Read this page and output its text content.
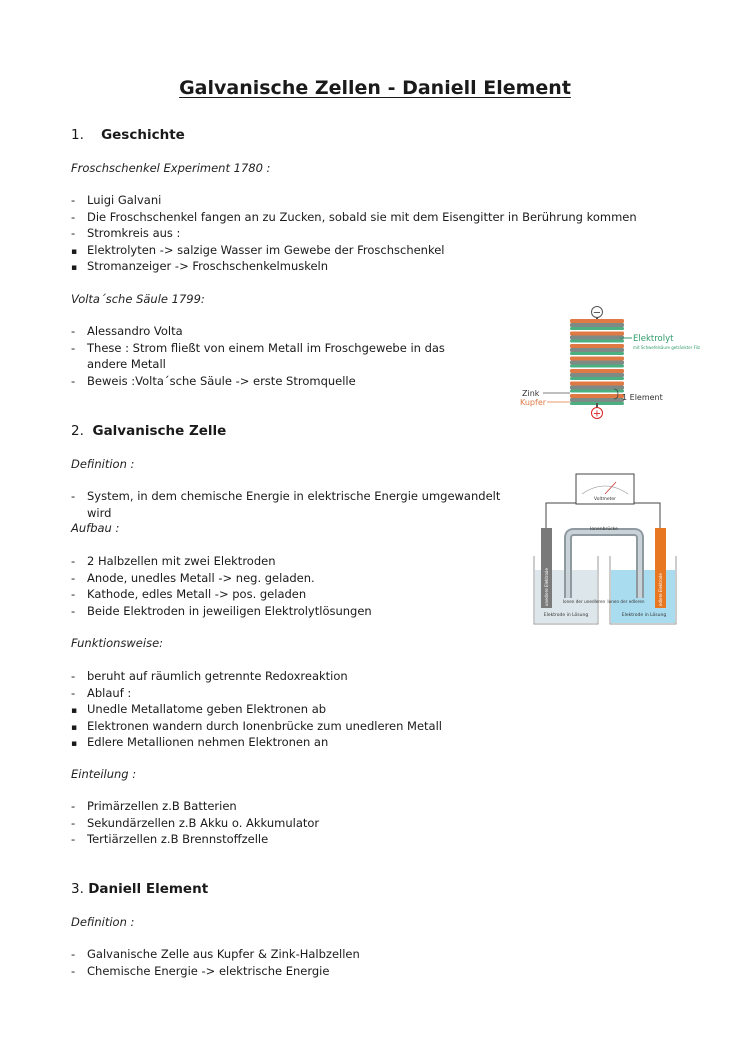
Galvanische Zellen - Daniell Element
1. Geschichte
Froschschenkel Experiment 1780 :
-
Luigi Galvani
-
Die Froschschenkel fangen an zu Zucken, sobald sie mit dem Eisengitter in Berührung kommen
-
Stromkreis aus :
▪
Elektrolyten -> salzige Wasser im Gewebe der Froschschenkel
▪
Stromanzeiger -> Froschschenkelmuskeln
Volta´sche Säule 1799:
-
Alessandro Volta
-
These : Strom fließt von einem Metall im Froschgewebe in das andere Metall
-
Beweis :Volta´sche Säule -> erste Stromquelle
−
+
Elektrolyt
mit Schwefelsäure getränkter Filz
Zink
Kupfer
1 Element
2. Galvanische Zelle
Definition :
-
System, in dem chemische Energie in elektrische Energie umgewandelt wird
Aufbau :
-
2 Halbzellen mit zwei Elektroden
-
Anode, unedles Metall -> neg. geladen.
-
Kathode, edles Metall -> pos. geladen
-
Beide Elektroden in jeweiligen Elektrolytlösungen
Funktionsweise:
-
beruht auf räumlich getrennte Redoxreaktion
-
Ablauf :
▪
Unedle Metallatome geben Elektronen ab
▪
Elektronen wandern durch Ionenbrücke zum unedleren Metall
▪
Edlere Metallionen nehmen Elektronen an
Einteilung :
-
Primärzellen z.B Batterien
-
Sekundärzellen z.B Akku o. Akkumulator
-
Tertiärzellen z.B Brennstoffzelle
Voltmeter
Ionenbrücke
unedlere Elektrode	edlere Elektrode
Ionen der unedleren
Elektrode in Lösung
Ionen der edleren
Elektrode in Lösung
3. Daniell Element
Definition :
-
Galvanische Zelle aus Kupfer & Zink-Halbzellen
-
Chemische Energie -> elektrische Energie
